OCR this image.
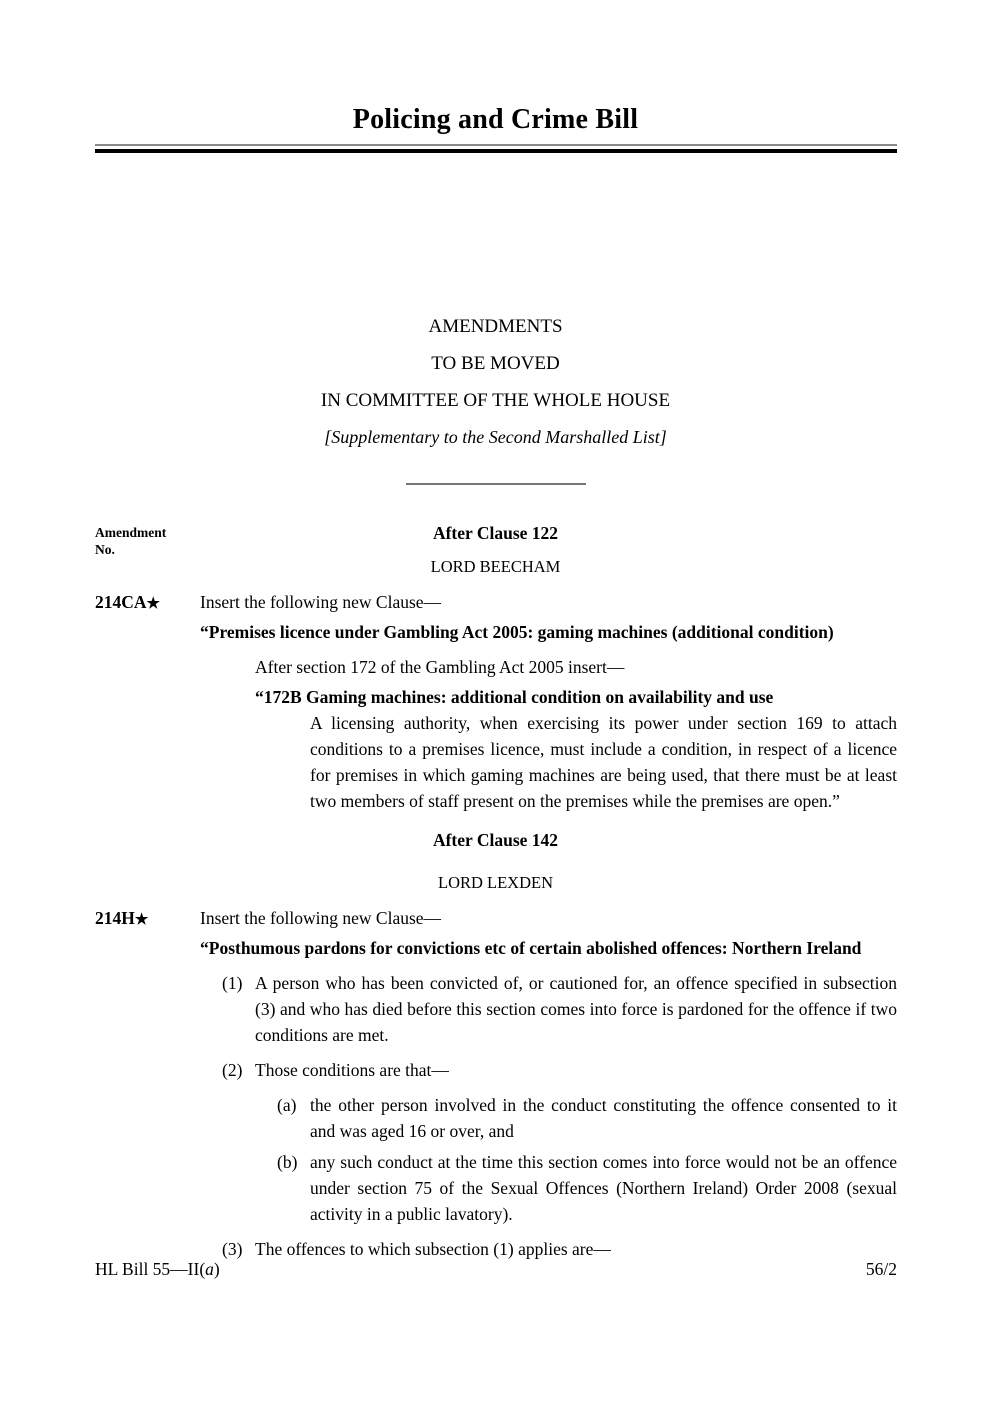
Policing and Crime Bill
AMENDMENTS
TO BE MOVED
IN COMMITTEE OF THE WHOLE HOUSE
[Supplementary to the Second Marshalled List]
Amendment
No.
After Clause 122
LORD BEECHAM
214CA★	Insert the following new Clause—
“Premises licence under Gambling Act 2005: gaming machines (additional condition)
After section 172 of the Gambling Act 2005 insert—
“172B Gaming machines: additional condition on availability and use
A licensing authority, when exercising its power under section 169 to attach conditions to a premises licence, must include a condition, in respect of a licence for premises in which gaming machines are being used, that there must be at least two members of staff present on the premises while the premises are open.”
After Clause 142
LORD LEXDEN
214H★	Insert the following new Clause—
“Posthumous pardons for convictions etc of certain abolished offences: Northern Ireland
(1) A person who has been convicted of, or cautioned for, an offence specified in subsection (3) and who has died before this section comes into force is pardoned for the offence if two conditions are met.
(2) Those conditions are that—
(a) the other person involved in the conduct constituting the offence consented to it and was aged 16 or over, and
(b) any such conduct at the time this section comes into force would not be an offence under section 75 of the Sexual Offences (Northern Ireland) Order 2008 (sexual activity in a public lavatory).
(3) The offences to which subsection (1) applies are—
HL Bill 55—II(a)	56/2
